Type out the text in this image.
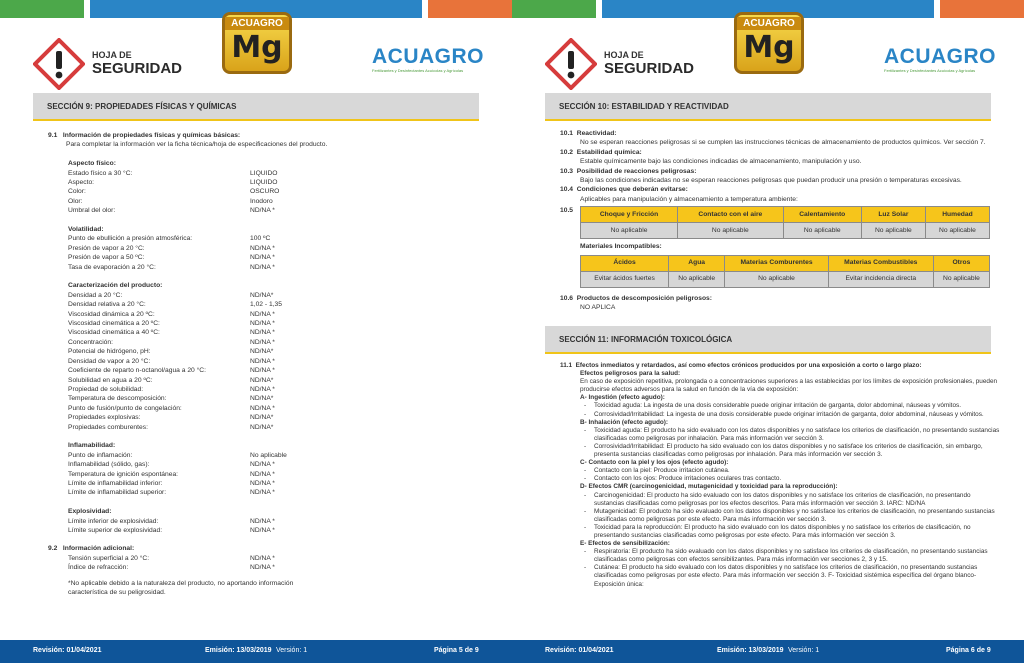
HOJA DE
SEGURIDAD
ACUAGRO
Mg	ACUAGRO
Fertilizantes y Desinfectantes Acuícolas y Agrícolas
SECCIÓN 9: PROPIEDADES FÍSICAS Y QUÍMICAS
9.1 Información de propiedades físicas y químicas básicas:
Para completar la información ver la ficha técnica/hoja de especificaciones del producto.
Aspecto físico:
Estado físico a 30 °C:	LIQUIDO
Aspecto:	LIQUIDO
Color:	OSCURO
Olor:	Inodoro
Umbral del olor:	ND/NA *
Volatilidad:
Punto de ebullición a presión atmosférica:	100 ºC
Presión de vapor a 20 °C:	ND/NA *
Presión de vapor a 50 ºC:	ND/NA *
Tasa de evaporación a 20 °C:	ND/NA *
Caracterización del producto:
Densidad a 20 °C:	ND/NA*
Densidad relativa a 20 °C:	1,02 - 1,35
Viscosidad dinámica a 20 ºC:	ND/NA *
Viscosidad cinemática a 20 ºC:	ND/NA *
Viscosidad cinemática a 40 ºC:	ND/NA *
Concentración:	ND/NA *
Potencial de hidrógeno, pH:	ND/NA*
Densidad de vapor a 20 °C:	ND/NA *
Coeficiente de reparto n-octanol/agua a 20 °C:	ND/NA *
Solubilidad en agua a 20 ºC:	ND/NA*
Propiedad de solubilidad:	ND/NA *
Temperatura de descomposición:	ND/NA*
Punto de fusión/punto de congelación:	ND/NA *
Propiedades explosivas:	ND/NA*
Propiedades comburentes:	ND/NA*
Inflamabilidad:
Punto de inflamación:	No aplicable
Inflamabilidad (sólido, gas):	ND/NA *
Temperatura de ignición espontánea:	ND/NA *
Límite de inflamabilidad inferior:	ND/NA *
Límite de inflamabilidad superior:	ND/NA *
Explosividad:
Límite inferior de explosividad:	ND/NA *
Límite superior de explosividad:	ND/NA *
9.2 Información adicional:
Tensión superficial a 20 °C:	ND/NA *
Índice de refracción:	ND/NA *
*No aplicable debido a la naturaleza del producto, no aportando información característica de su peligrosidad.
Revisión: 01/04/2021	Emisión: 13/03/2019 Versión: 1	Página 5 de 9
HOJA DE
SEGURIDAD
ACUAGRO
Mg	ACUAGRO
Fertilizantes y Desinfectantes Acuícolas y Agrícolas
SECCIÓN 10: ESTABILIDAD Y REACTIVIDAD
10.1 Reactividad:
No se esperan reacciones peligrosas si se cumplen las instrucciones técnicas de almacenamiento de productos químicos. Ver sección 7.
10.2 Estabilidad química:
Estable químicamente bajo las condiciones indicadas de almacenamiento, manipulación y uso.
10.3 Posibilidad de reacciones peligrosas:
Bajo las condiciones indicadas no se esperan reacciones peligrosas que puedan producir una presión o temperaturas excesivas.
10.4 Condiciones que deberán evitarse:
Aplicables para manipulación y almacenamiento a temperatura ambiente:
10.5
Choque y Fricción	Contacto con el aire	Calentamiento	Luz Solar	Humedad
No aplicable	No aplicable	No aplicable	No aplicable	No aplicable
Materiales Incompatibles:
Ácidos	Agua	Materias Comburentes	Materias Combustibles	Otros
Evitar ácidos fuertes	No aplicable	No aplicable	Evitar incidencia directa	No aplicable
10.6 Productos de descomposición peligrosos:
NO APLICA
SECCIÓN 11: INFORMACIÓN TOXICOLÓGICA
11.1 Efectos inmediatos y retardados, así como efectos crónicos producidos por una exposición a corto o largo plazo:
Efectos peligrosos para la salud:
En caso de exposición repetitiva, prolongada o a concentraciones superiores a las establecidas por los límites de exposición profesionales, pueden producirse efectos adversos para la salud en función de la vía de exposición:
A- Ingestión (efecto agudo):
-	Toxicidad aguda: La ingesta de una dosis considerable puede originar irritación de garganta, dolor abdominal, náuseas y vómitos.
-	Corrosividad/Irritabilidad: La ingesta de una dosis considerable puede originar irritación de garganta, dolor abdominal, náuseas y vómitos.
B- Inhalación (efecto agudo):
-	Toxicidad aguda: El producto ha sido evaluado con los datos disponibles y no satisface los criterios de clasificación, no presentando sustancias clasificadas como peligrosas por inhalación. Para más información ver sección 3.
-	Corrosividad/Irritabilidad: El producto ha sido evaluado con los datos disponibles y no satisface los criterios de clasificación, sin embargo, presenta sustancias clasificadas como peligrosas por inhalación. Para más información ver sección 3.
C- Contacto con la piel y los ojos (efecto agudo):
-	Contacto con la piel: Produce irritacion cutánea.
-	Contacto con los ojos: Produce irritaciones oculares tras contacto.
D- Efectos CMR (carcinogenicidad, mutagenicidad y toxicidad para la reproducción):
-	Carcinogenicidad: El producto ha sido evaluado con los datos disponibles y no satisface los criterios de clasificación, no presentando sustancias clasificadas como peligrosas por los efectos descritos. Para más información ver sección 3. IARC: ND/NA
-	Mutagenicidad: El producto ha sido evaluado con los datos disponibles y no satisface los criterios de clasificación, no presentando sustancias clasificadas como peligrosas por este efecto. Para más información ver sección 3.
-	Toxicidad para la reproducción: El producto ha sido evaluado con los datos disponibles y no satisface los criterios de clasificación, no presentando sustancias clasificadas como peligrosas por este efecto. Para más información ver sección 3.
E- Efectos de sensibilización:
-	Respiratoria: El producto ha sido evaluado con los datos disponibles y no satisface los criterios de clasificación, no presentando sustancias clasificadas como peligrosas con efectos sensibilizantes. Para más información ver secciones 2, 3 y 15.
-	Cutánea: El producto ha sido evaluado con los datos disponibles y no satisface los criterios de clasificación, no presentando sustancias clasificadas como peligrosas por este efecto. Para más información ver sección 3. F- Toxicidad sistémica específica del órgano blanco-Exposición única:
Revisión: 01/04/2021	Emisión: 13/03/2019 Versión: 1	Página 6 de 9
